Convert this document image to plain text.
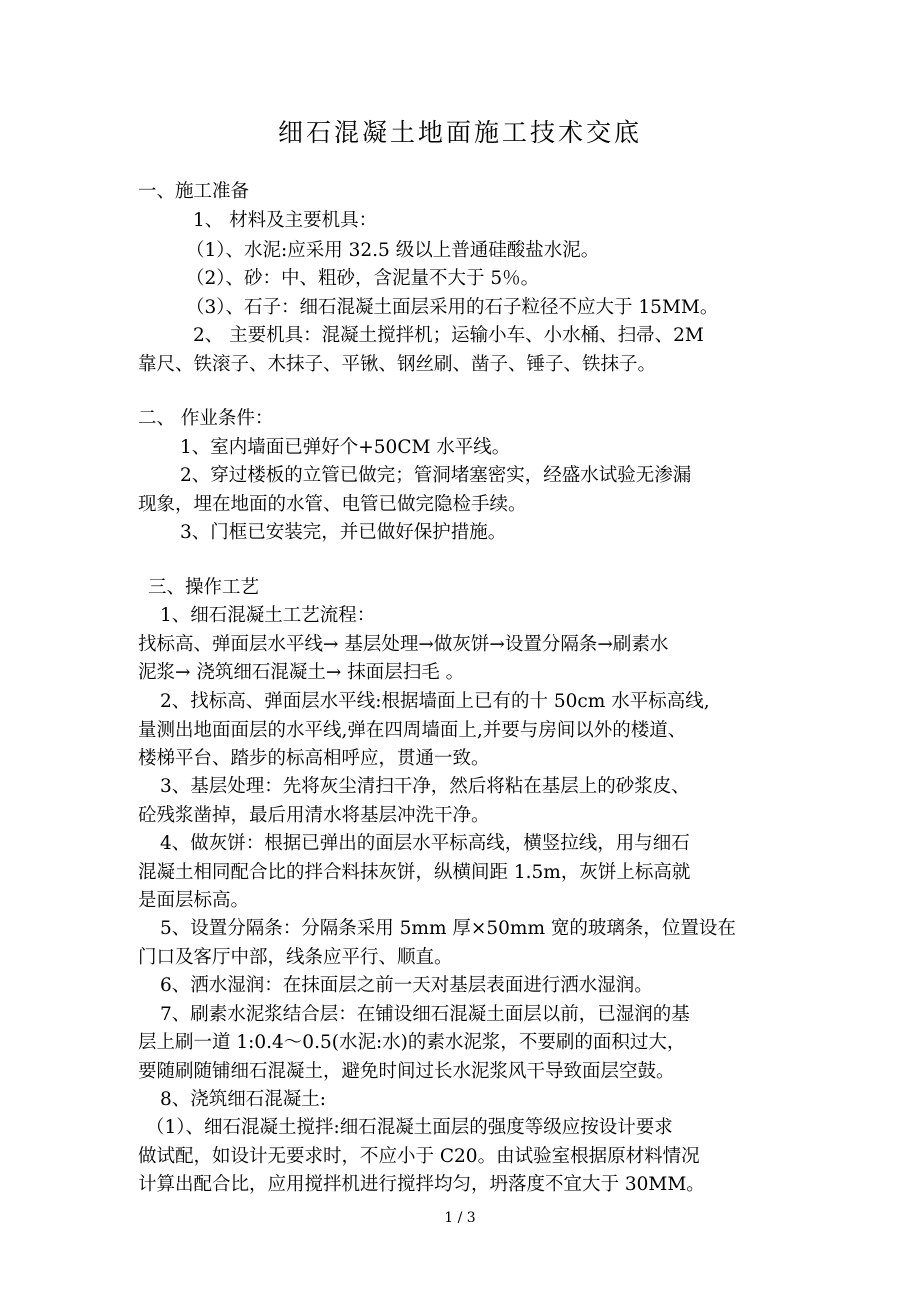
细石混凝土地面施工技术交底
一、施工准备
1、 材料及主要机具：
（1）、水泥:应采用 32.5 级以上普通硅酸盐水泥。
（2）、砂：中、粗砂，含泥量不大于 5％。
（3）、石子：细石混凝土面层采用的石子粒径不应大于 15MM。
2、 主要机具：混凝土搅拌机；运输小车、小水桶、扫帚、2M
靠尺、铁滚子、木抹子、平锹、钢丝刷、凿子、锤子、铁抹子。
二、 作业条件：
1、室内墙面已弹好个+50CM 水平线。
2、穿过楼板的立管已做完；管洞堵塞密实，经盛水试验无渗漏
现象，埋在地面的水管、电管已做完隐检手续。
3、门框已安装完，并已做好保护措施。
三、操作工艺
1、细石混凝土工艺流程：
找标高、弹面层水平线→ 基层处理→做灰饼→设置分隔条→刷素水
泥浆→ 浇筑细石混凝土→ 抹面层扫毛 。
2、找标高、弹面层水平线:根据墙面上已有的十 50cm 水平标高线,
量测出地面面层的水平线,弹在四周墙面上,并要与房间以外的楼道、
楼梯平台、踏步的标高相呼应，贯通一致。
3、基层处理：先将灰尘清扫干净，然后将粘在基层上的砂浆皮、
砼残浆凿掉，最后用清水将基层冲洗干净。
4、做灰饼：根据已弹出的面层水平标高线，横竖拉线，用与细石
混凝土相同配合比的拌合料抹灰饼，纵横间距 1.5m，灰饼上标高就
是面层标高。
5、设置分隔条：分隔条采用 5mm 厚×50mm 宽的玻璃条，位置设在
门口及客厅中部，线条应平行、顺直。
6、洒水湿润：在抹面层之前一天对基层表面进行洒水湿润。
7、刷素水泥浆结合层：在铺设细石混凝土面层以前，已湿润的基
层上刷一道 1:0.4～0.5(水泥:水)的素水泥浆，不要刷的面积过大，
要随刷随铺细石混凝土，避免时间过长水泥浆风干导致面层空鼓。
8、浇筑细石混凝土:
（1）、细石混凝土搅拌:细石混凝土面层的强度等级应按设计要求
做试配，如设计无要求时，不应小于 C20。由试验室根据原材料情况
计算出配合比，应用搅拌机进行搅拌均匀，坍落度不宜大于 30MM。
1 / 3
